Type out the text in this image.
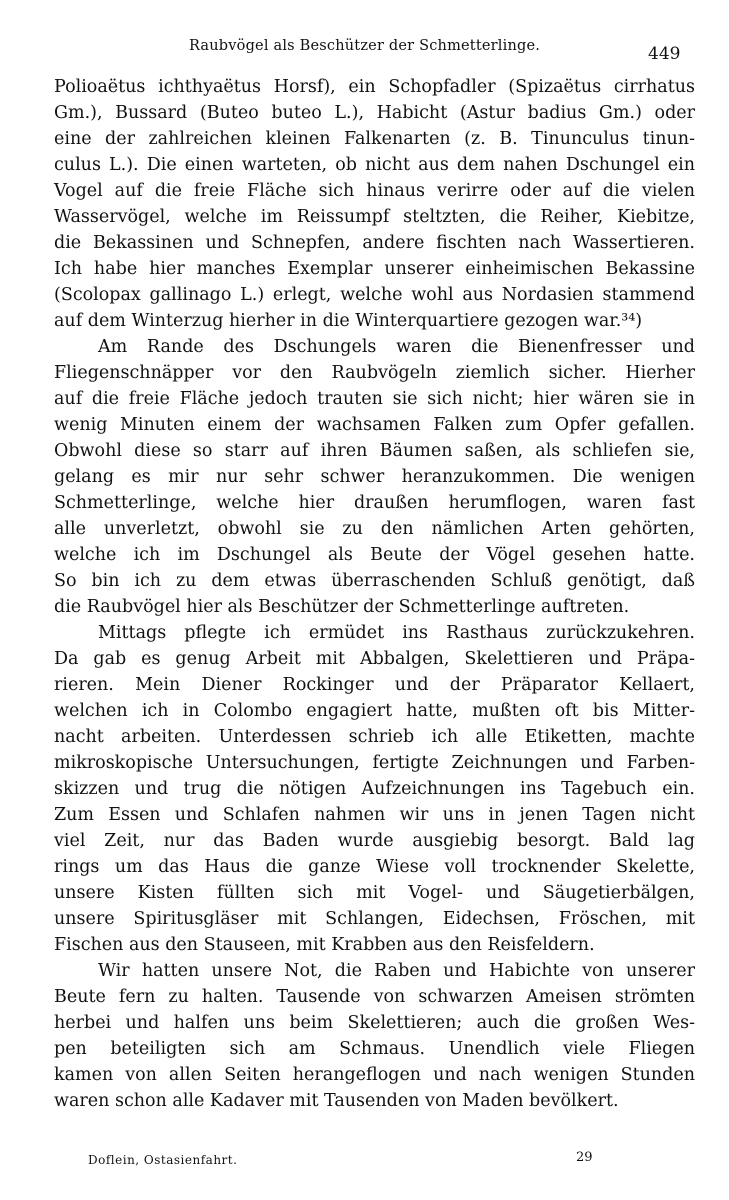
Raubvögel als Beschützer der Schmetterlinge.	449
Polioaëtus ichthyaëtus Horsf), ein Schopfadler (Spizaëtus cirrhatus
Gm.), Bussard (Buteo buteo L.), Habicht (Astur badius Gm.) oder
eine der zahlreichen kleinen Falkenarten (z. B. Tinunculus tinun-
culus L.). Die einen warteten, ob nicht aus dem nahen Dschungel ein
Vogel auf die freie Fläche sich hinaus verirre oder auf die vielen
Wasservögel, welche im Reissumpf steltzten, die Reiher, Kiebitze,
die Bekassinen und Schnepfen, andere fischten nach Wassertieren.
Ich habe hier manches Exemplar unserer einheimischen Bekassine
(Scolopax gallinago L.) erlegt, welche wohl aus Nordasien stammend
auf dem Winterzug hierher in die Winterquartiere gezogen war.³⁴)
Am Rande des Dschungels waren die Bienenfresser und
Fliegenschnäpper vor den Raubvögeln ziemlich sicher. Hierher
auf die freie Fläche jedoch trauten sie sich nicht; hier wären sie in
wenig Minuten einem der wachsamen Falken zum Opfer gefallen.
Obwohl diese so starr auf ihren Bäumen saßen, als schliefen sie,
gelang es mir nur sehr schwer heranzukommen. Die wenigen
Schmetterlinge, welche hier draußen herumflogen, waren fast
alle unverletzt, obwohl sie zu den nämlichen Arten gehörten,
welche ich im Dschungel als Beute der Vögel gesehen hatte.
So bin ich zu dem etwas überraschenden Schluß genötigt, daß
die Raubvögel hier als Beschützer der Schmetterlinge auftreten.
Mittags pflegte ich ermüdet ins Rasthaus zurückzukehren.
Da gab es genug Arbeit mit Abbalgen, Skelettieren und Präpa-
rieren. Mein Diener Rockinger und der Präparator Kellaert,
welchen ich in Colombo engagiert hatte, mußten oft bis Mitter-
nacht arbeiten. Unterdessen schrieb ich alle Etiketten, machte
mikroskopische Untersuchungen, fertigte Zeichnungen und Farben-
skizzen und trug die nötigen Aufzeichnungen ins Tagebuch ein.
Zum Essen und Schlafen nahmen wir uns in jenen Tagen nicht
viel Zeit, nur das Baden wurde ausgiebig besorgt. Bald lag
rings um das Haus die ganze Wiese voll trocknender Skelette,
unsere Kisten füllten sich mit Vogel- und Säugetierbälgen,
unsere Spiritusgläser mit Schlangen, Eidechsen, Fröschen, mit
Fischen aus den Stauseen, mit Krabben aus den Reisfeldern.
Wir hatten unsere Not, die Raben und Habichte von unserer
Beute fern zu halten. Tausende von schwarzen Ameisen strömten
herbei und halfen uns beim Skelettieren; auch die großen Wes-
pen beteiligten sich am Schmaus. Unendlich viele Fliegen
kamen von allen Seiten herangeflogen und nach wenigen Stunden
waren schon alle Kadaver mit Tausenden von Maden bevölkert.
Doflein, Ostasienfahrt.	29
